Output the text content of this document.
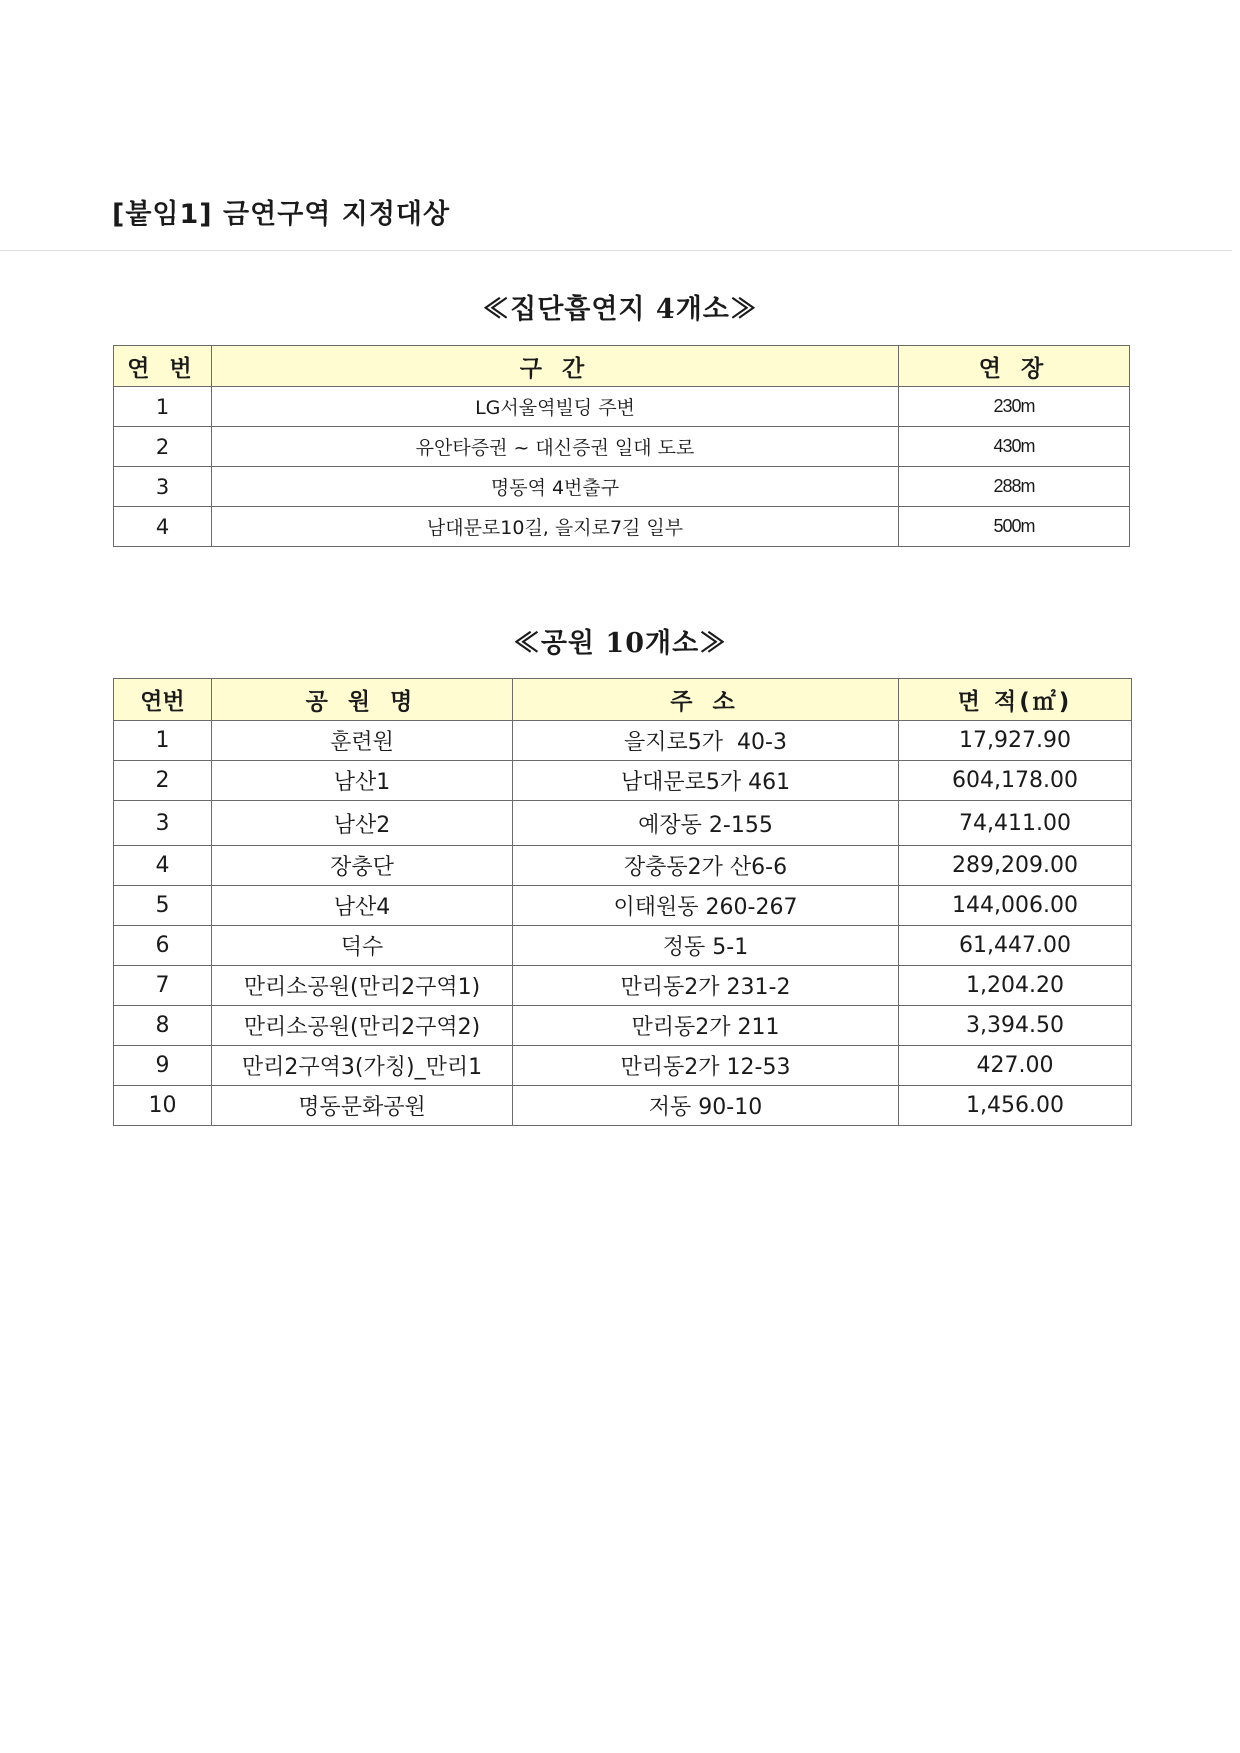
[붙임1] 금연구역 지정대상
≪집단흡연지 4개소≫
연 번	구 간	연 장
1	LG서울역빌딩 주변	230m
2	유안타증권 ~ 대신증권 일대 도로	430m
3	명동역 4번출구	288m
4	남대문로10길, 을지로7길 일부	500m
≪공원 10개소≫
연번	공 원 명	주 소	면 적(㎡)
1	훈련원	을지로5가  40-3	17,927.90
2	남산1	남대문로5가 461	604,178.00
3	남산2	예장동 2-155	74,411.00
4	장충단	장충동2가 산6-6	289,209.00
5	남산4	이태원동 260-267	144,006.00
6	덕수	정동 5-1	61,447.00
7	만리소공원(만리2구역1)	만리동2가 231-2	1,204.20
8	만리소공원(만리2구역2)	만리동2가 211	3,394.50
9	만리2구역3(가칭)_만리1	만리동2가 12-53	427.00
10	명동문화공원	저동 90-10	1,456.00
